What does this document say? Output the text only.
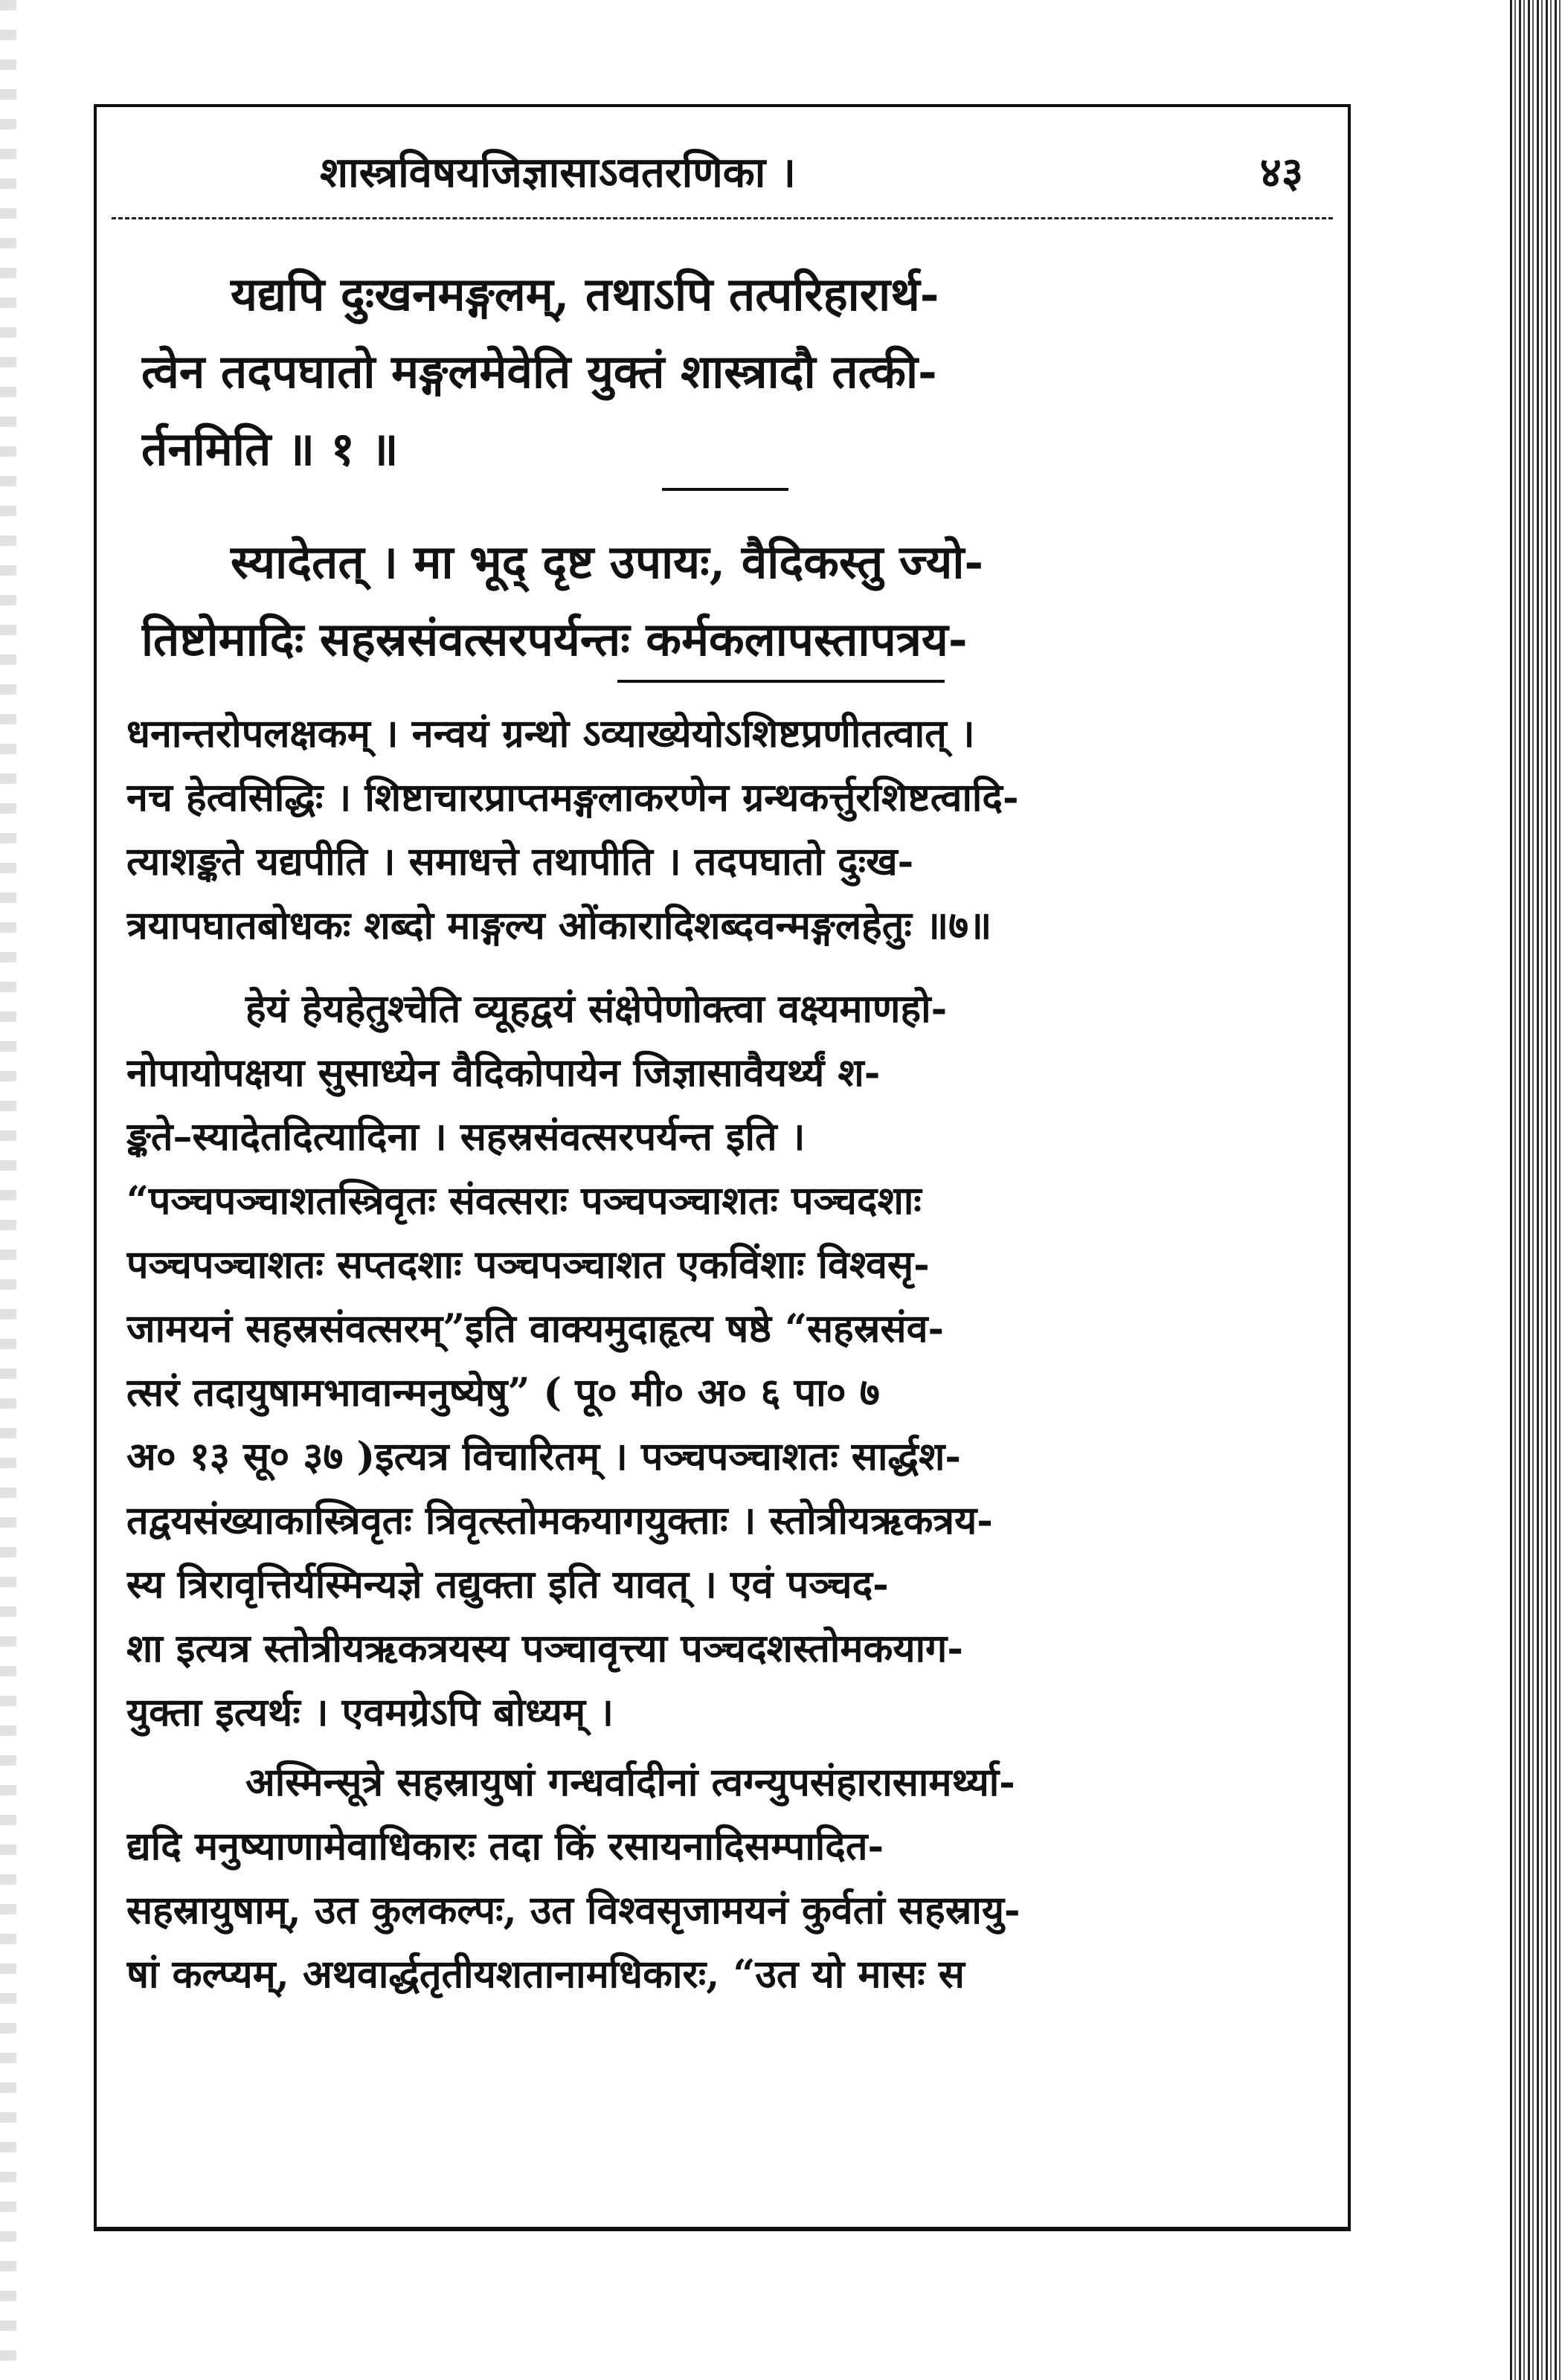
शास्त्रविषयजिज्ञासाऽवतरणिका ।	४३
यद्यपि दुःखनमङ्गलम्, तथाऽपि तत्परिहारार्थ-
त्वेन तदपघातो मङ्गलमेवेति युक्तं शास्त्रादौ तत्की-
र्तनमिति ॥ १ ॥
स्यादेतत् । मा भूद् दृष्ट उपायः, वैदिकस्तु ज्यो-
तिष्टोमादिः सहस्रसंवत्सरपर्यन्तः कर्मकलापस्तापत्रय-
धनान्तरोपलक्षकम् । नन्वयं ग्रन्थो ऽव्याख्येयोऽशिष्टप्रणीतत्वात् ।
नच हेत्वसिद्धिः । शिष्टाचारप्राप्तमङ्गलाकरणेन ग्रन्थकर्त्तुरशिष्टत्वादि-
त्याशङ्कते यद्यपीति । समाधत्ते तथापीति । तदपघातो दुःख-
त्रयापघातबोधकः शब्दो माङ्गल्य ओंकारादिशब्दवन्मङ्गलहेतुः ॥७॥
हेयं हेयहेतुश्चेति व्यूहद्वयं संक्षेपेणोक्त्वा वक्ष्यमाणहो-
नोपायोपक्षया सुसाध्येन वैदिकोपायेन जिज्ञासावैयर्थ्यं श-
ङ्कते–स्यादेतदित्यादिना । सहस्रसंवत्सरपर्यन्त इति ।
“पञ्चपञ्चाशतस्त्रिवृतः संवत्सराः पञ्चपञ्चाशतः पञ्चदशाः
पञ्चपञ्चाशतः सप्तदशाः पञ्चपञ्चाशत एकविंशाः विश्वसृ-
जामयनं सहस्रसंवत्सरम्”इति वाक्यमुदाहृत्य षष्ठे “सहस्रसंव-
त्सरं तदायुषामभावान्मनुष्येषु” ( पू० मी० अ० ६ पा० ७
अ० १३ सू० ३७ )इत्यत्र विचारितम् । पञ्चपञ्चाशतः सार्द्धश-
तद्वयसंख्याकास्त्रिवृतः त्रिवृत्स्तोमकयागयुक्ताः । स्तोत्रीयऋकत्रय-
स्य त्रिरावृत्तिर्यस्मिन्यज्ञे तद्युक्ता इति यावत् । एवं पञ्चद-
शा इत्यत्र स्तोत्रीयऋकत्रयस्य पञ्चावृत्त्या पञ्चदशस्तोमकयाग-
युक्ता इत्यर्थः । एवमग्रेऽपि बोध्यम् ।
अस्मिन्सूत्रे सहस्रायुषां गन्धर्वादीनां त्वग्न्युपसंहारासामर्थ्या-
द्यदि मनुष्याणामेवाधिकारः तदा किं रसायनादिसम्पादित-
सहस्रायुषाम्, उत कुलकल्पः, उत विश्वसृजामयनं कुर्वतां सहस्रायु-
षां कल्प्यम्, अथवार्द्धतृतीयशतानामधिकारः, “उत यो मासः स
